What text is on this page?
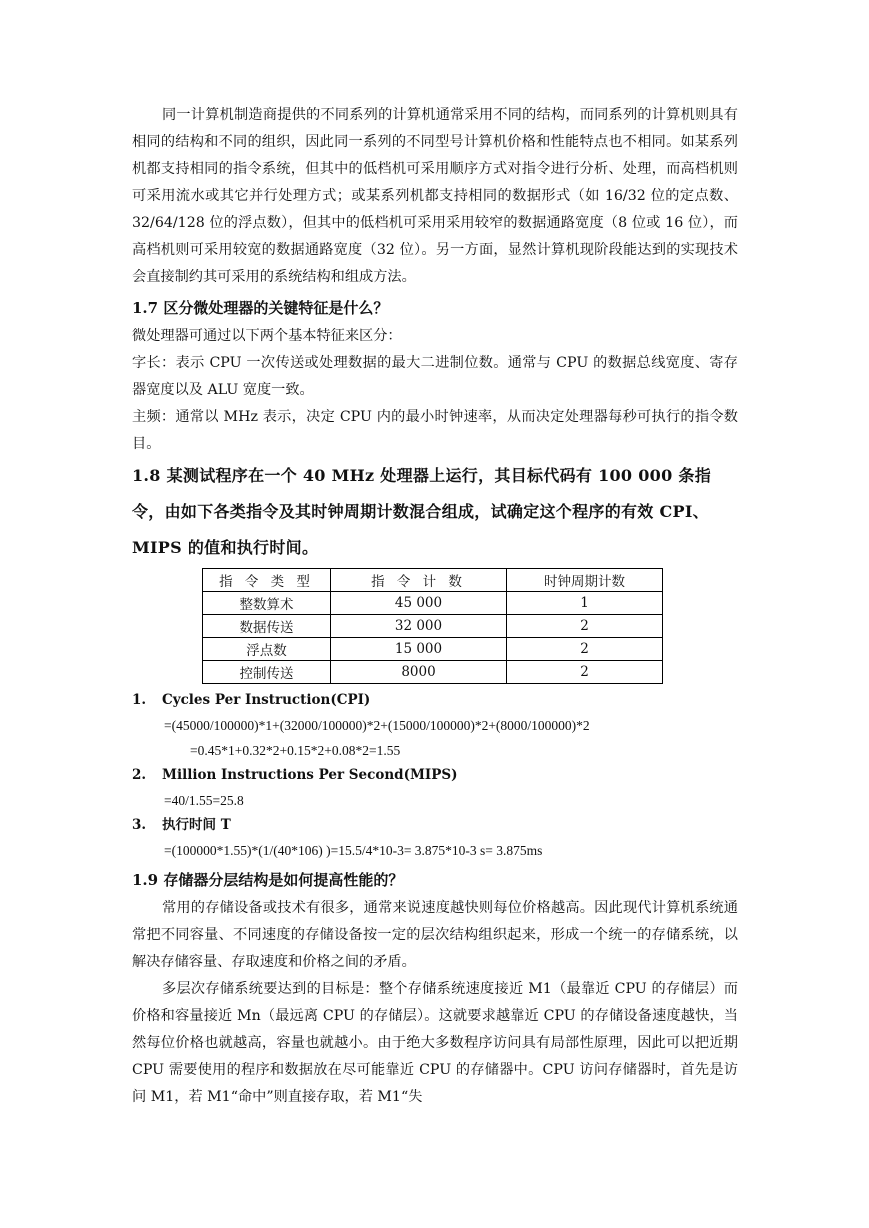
同一计算机制造商提供的不同系列的计算机通常采用不同的结构，而同系列的计算机则具有相同的结构和不同的组织，因此同一系列的不同型号计算机价格和性能特点也不相同。如某系列机都支持相同的指令系统，但其中的低档机可采用顺序方式对指令进行分析、处理，而高档机则可采用流水或其它并行处理方式；或某系列机都支持相同的数据形式（如 16/32 位的定点数、32/64/128 位的浮点数），但其中的低档机可采用采用较窄的数据通路宽度（8 位或 16 位），而高档机则可采用较宽的数据通路宽度（32 位）。另一方面，显然计算机现阶段能达到的实现技术会直接制约其可采用的系统结构和组成方法。

1.7 区分微处理器的关键特征是什么？

微处理器可通过以下两个基本特征来区分：

字长：表示 CPU 一次传送或处理数据的最大二进制位数。通常与 CPU 的数据总线宽度、寄存器宽度以及 ALU 宽度一致。

主频：通常以 MHz 表示，决定 CPU 内的最小时钟速率，从而决定处理器每秒可执行的指令数目。

1.8 某测试程序在一个 40 MHz 处理器上运行，其目标代码有 100 000 条指令，由如下各类指令及其时钟周期计数混合组成，试确定这个程序的有效 CPI、MIPS 的值和执行时间。

指 令 类 型	指 令 计 数	时钟周期计数
整数算术	45 000	1
数据传送	32 000	2
浮点数	15 000	2
控制传送	8000	2

1. Cycles Per Instruction(CPI)

=(45000/100000)*1+(32000/100000)*2+(15000/100000)*2+(8000/100000)*2

=0.45*1+0.32*2+0.15*2+0.08*2=1.55

2. Million Instructions Per Second(MIPS)

=40/1.55=25.8

3. 执行时间 T

=(100000*1.55)*(1/(40*106) )=15.5/4*10-3= 3.875*10-3 s= 3.875ms

1.9 存储器分层结构是如何提高性能的？

常用的存储设备或技术有很多，通常来说速度越快则每位价格越高。因此现代计算机系统通常把不同容量、不同速度的存储设备按一定的层次结构组织起来，形成一个统一的存储系统，以解决存储容量、存取速度和价格之间的矛盾。

多层次存储系统要达到的目标是：整个存储系统速度接近 M1（最靠近 CPU 的存储层）而价格和容量接近 Mn（最远离 CPU 的存储层）。这就要求越靠近 CPU 的存储设备速度越快，当然每位价格也就越高，容量也就越小。由于绝大多数程序访问具有局部性原理，因此可以把近期 CPU 需要使用的程序和数据放在尽可能靠近 CPU 的存储器中。CPU 访问存储器时，首先是访问 M1，若 M1“命中”则直接存取，若 M1“失
